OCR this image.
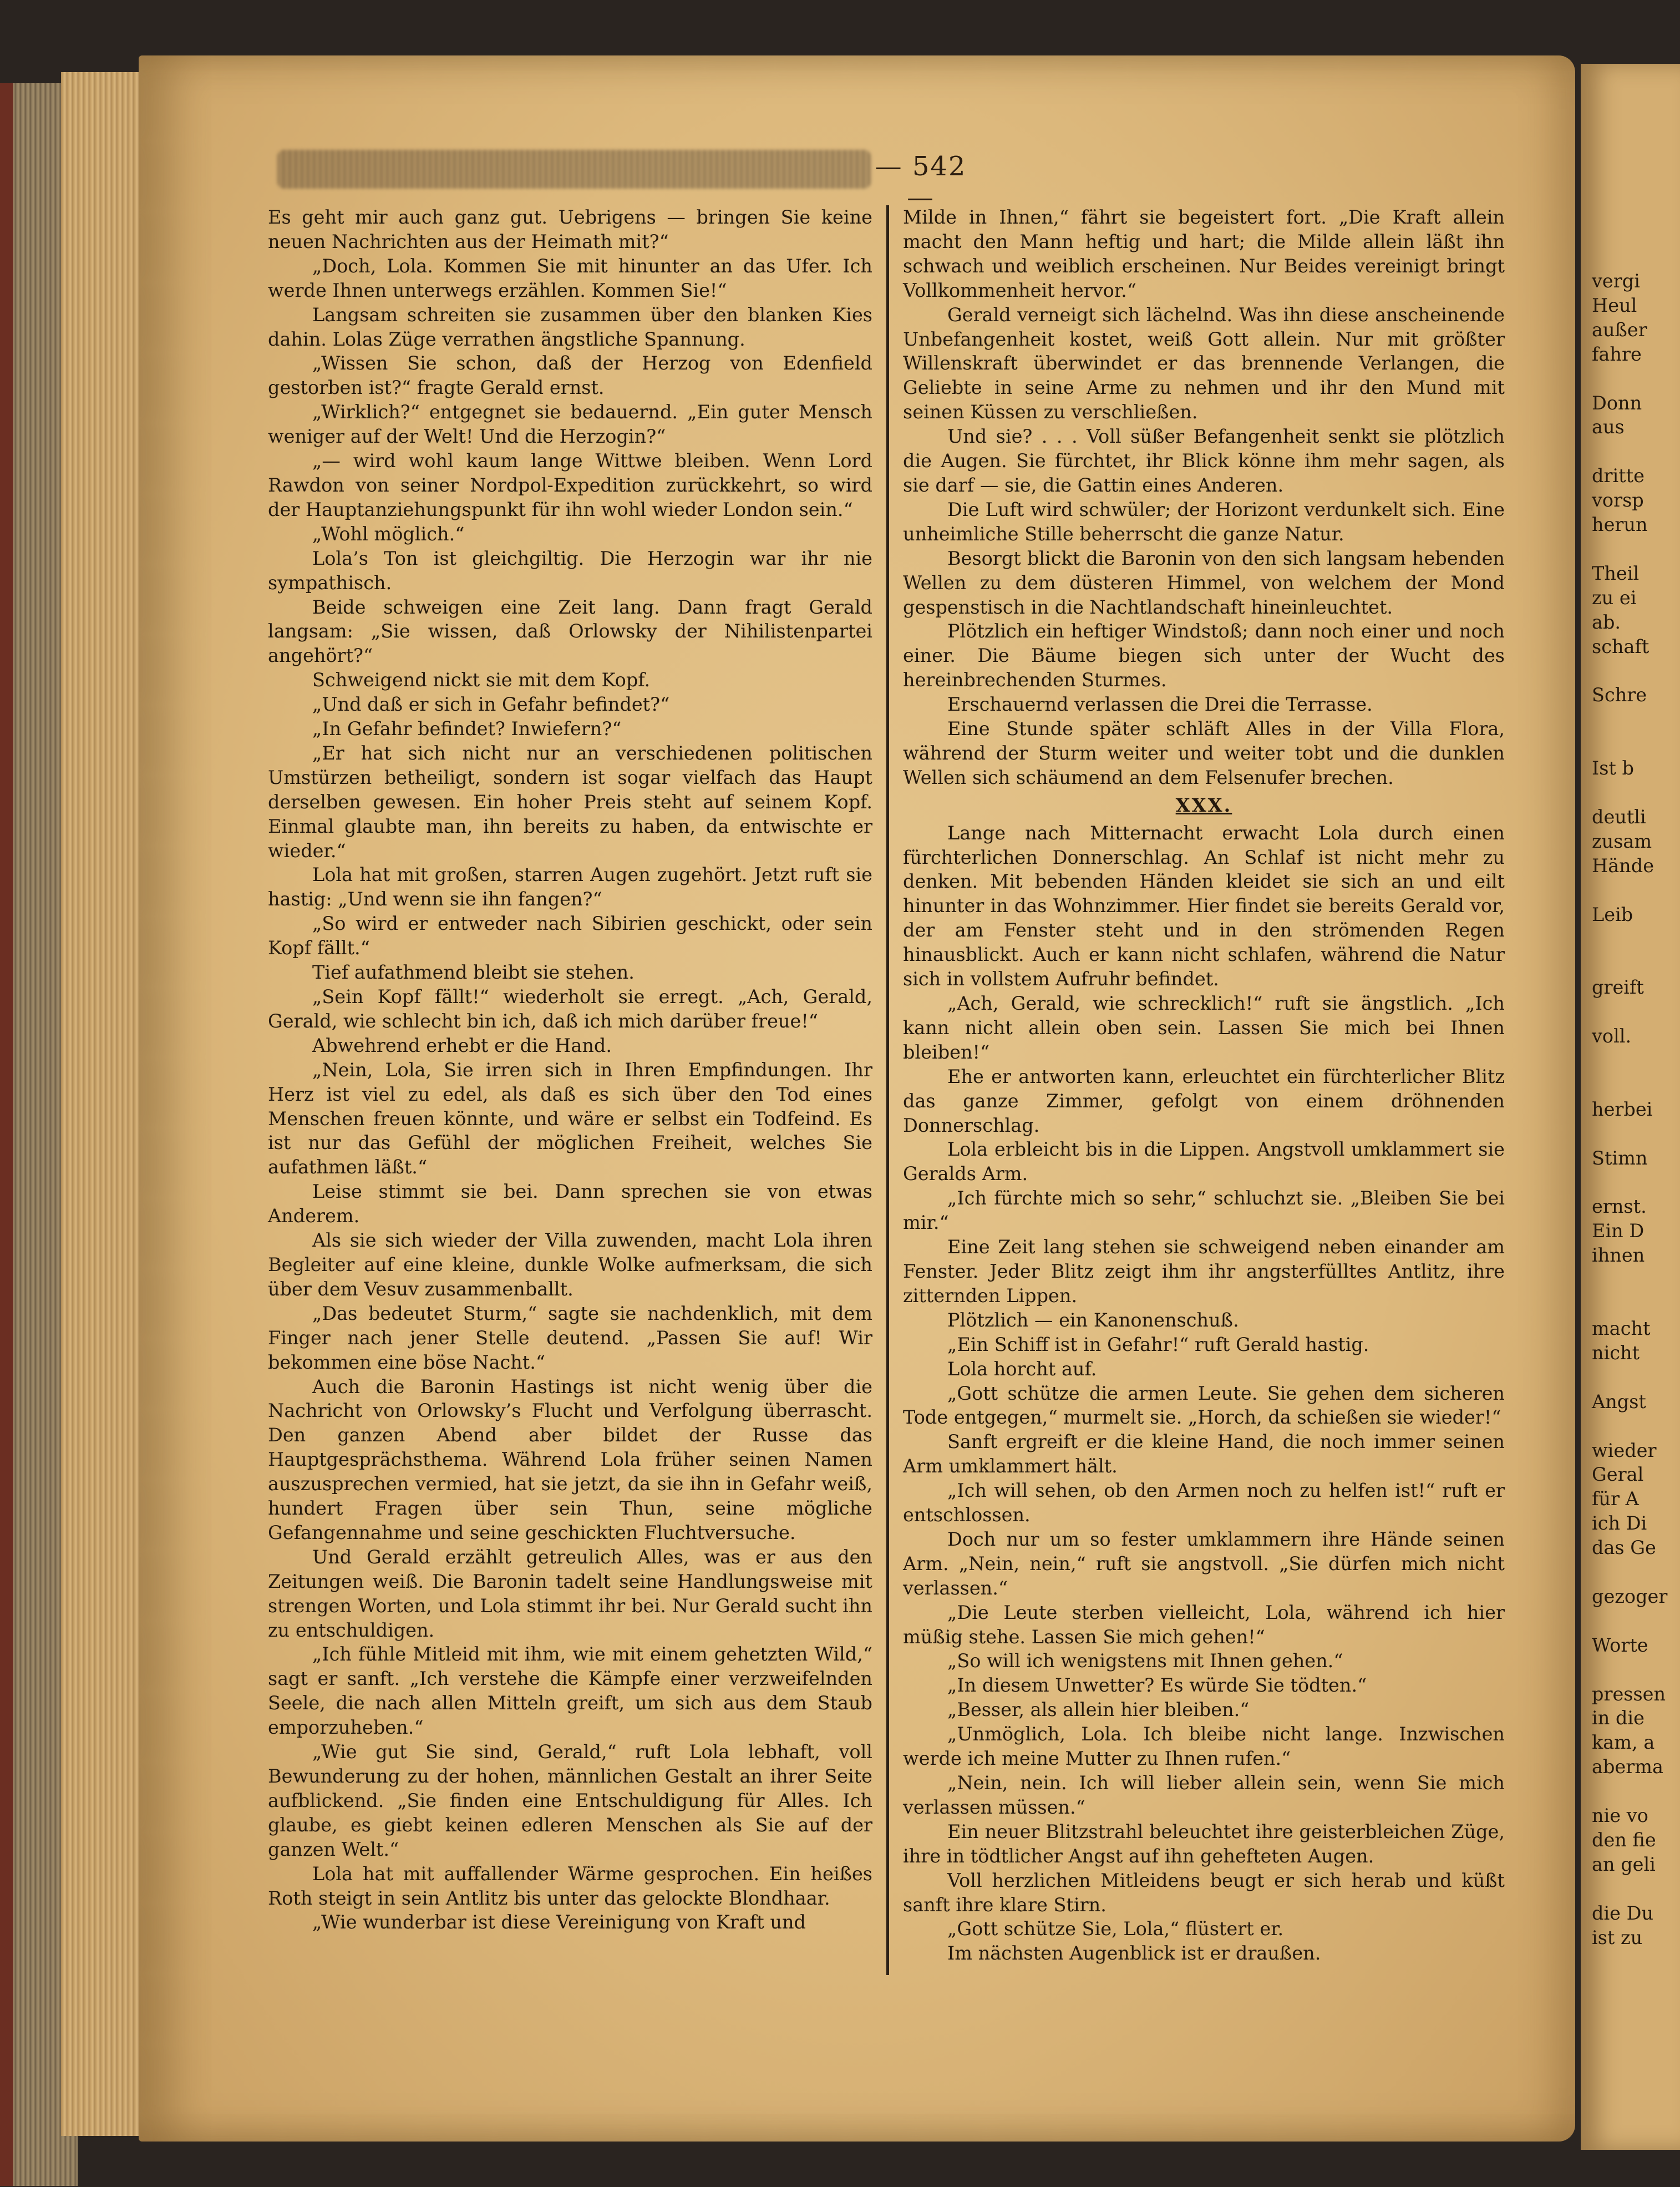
vergi
Heul
außer
fahre

Donn
aus

dritte
vorsp
herun

Theil
zu ei
ab.
schaft

Schre

Ist b

deutli
zusam
Hände

Leib

greift

voll.

herbei

Stimn

ernst.
Ein D
ihnen

macht
nicht

Angst

wieder
Geral
für A
ich Di
das Ge

gezoger

Worte

pressen
in die
kam, a
aberma

nie vo
den fie
an geli

die Du
ist zu
— 542 —

Es geht mir auch ganz gut. Uebrigens — bringen Sie keine neuen Nachrichten aus der Heimath mit?“

„Doch, Lola. Kommen Sie mit hinunter an das Ufer. Ich werde Ihnen unterwegs erzählen. Kommen Sie!“

Langsam schreiten sie zusammen über den blanken Kies dahin. Lolas Züge verrathen ängstliche Spannung.

„Wissen Sie schon, daß der Herzog von Edenfield gestorben ist?“ fragte Gerald ernst.

„Wirklich?“ entgegnet sie bedauernd. „Ein guter Mensch weniger auf der Welt! Und die Herzogin?“

„— wird wohl kaum lange Wittwe bleiben. Wenn Lord Rawdon von seiner Nordpol-Expedition zurückkehrt, so wird der Hauptanziehungspunkt für ihn wohl wieder London sein.“

„Wohl möglich.“

Lola’s Ton ist gleichgiltig. Die Herzogin war ihr nie sympathisch.

Beide schweigen eine Zeit lang. Dann fragt Gerald langsam: „Sie wissen, daß Orlowsky der Nihilistenpartei angehört?“

Schweigend nickt sie mit dem Kopf.

„Und daß er sich in Gefahr befindet?“

„In Gefahr befindet? Inwiefern?“

„Er hat sich nicht nur an verschiedenen politischen Umstürzen betheiligt, sondern ist sogar vielfach das Haupt derselben gewesen. Ein hoher Preis steht auf seinem Kopf. Einmal glaubte man, ihn bereits zu haben, da entwischte er wieder.“

Lola hat mit großen, starren Augen zugehört. Jetzt ruft sie hastig: „Und wenn sie ihn fangen?“

„So wird er entweder nach Sibirien geschickt, oder sein Kopf fällt.“

Tief aufathmend bleibt sie stehen.

„Sein Kopf fällt!“ wiederholt sie erregt. „Ach, Gerald, Gerald, wie schlecht bin ich, daß ich mich darüber freue!“

Abwehrend erhebt er die Hand.

„Nein, Lola, Sie irren sich in Ihren Empfindungen. Ihr Herz ist viel zu edel, als daß es sich über den Tod eines Menschen freuen könnte, und wäre er selbst ein Todfeind. Es ist nur das Gefühl der möglichen Freiheit, welches Sie aufathmen läßt.“

Leise stimmt sie bei. Dann sprechen sie von etwas Anderem.

Als sie sich wieder der Villa zuwenden, macht Lola ihren Begleiter auf eine kleine, dunkle Wolke aufmerksam, die sich über dem Vesuv zusammenballt.

„Das bedeutet Sturm,“ sagte sie nachdenklich, mit dem Finger nach jener Stelle deutend. „Passen Sie auf! Wir bekommen eine böse Nacht.“

Auch die Baronin Hastings ist nicht wenig über die Nachricht von Orlowsky’s Flucht und Verfolgung überrascht. Den ganzen Abend aber bildet der Russe das Hauptgesprächsthema. Während Lola früher seinen Namen auszusprechen vermied, hat sie jetzt, da sie ihn in Gefahr weiß, hundert Fragen über sein Thun, seine mögliche Gefangennahme und seine geschickten Fluchtversuche.

Und Gerald erzählt getreulich Alles, was er aus den Zeitungen weiß. Die Baronin tadelt seine Handlungsweise mit strengen Worten, und Lola stimmt ihr bei. Nur Gerald sucht ihn zu entschuldigen.

„Ich fühle Mitleid mit ihm, wie mit einem gehetzten Wild,“ sagt er sanft. „Ich verstehe die Kämpfe einer verzweifelnden Seele, die nach allen Mitteln greift, um sich aus dem Staub emporzuheben.“

„Wie gut Sie sind, Gerald,“ ruft Lola lebhaft, voll Bewunderung zu der hohen, männlichen Gestalt an ihrer Seite aufblickend. „Sie finden eine Entschuldigung für Alles. Ich glaube, es giebt keinen edleren Menschen als Sie auf der ganzen Welt.“

Lola hat mit auffallender Wärme gesprochen. Ein heißes Roth steigt in sein Antlitz bis unter das gelockte Blondhaar.

„Wie wunderbar ist diese Vereinigung von Kraft und

Milde in Ihnen,“ fährt sie begeistert fort. „Die Kraft allein macht den Mann heftig und hart; die Milde allein läßt ihn schwach und weiblich erscheinen. Nur Beides vereinigt bringt Vollkommenheit hervor.“

Gerald verneigt sich lächelnd. Was ihn diese anscheinende Unbefangenheit kostet, weiß Gott allein. Nur mit größter Willenskraft überwindet er das brennende Verlangen, die Geliebte in seine Arme zu nehmen und ihr den Mund mit seinen Küssen zu verschließen.

Und sie? . . . Voll süßer Befangenheit senkt sie plötzlich die Augen. Sie fürchtet, ihr Blick könne ihm mehr sagen, als sie darf — sie, die Gattin eines Anderen.

Die Luft wird schwüler; der Horizont verdunkelt sich. Eine unheimliche Stille beherrscht die ganze Natur.

Besorgt blickt die Baronin von den sich langsam hebenden Wellen zu dem düsteren Himmel, von welchem der Mond gespenstisch in die Nachtlandschaft hineinleuchtet.

Plötzlich ein heftiger Windstoß; dann noch einer und noch einer. Die Bäume biegen sich unter der Wucht des hereinbrechenden Sturmes.

Erschauernd verlassen die Drei die Terrasse.

Eine Stunde später schläft Alles in der Villa Flora, während der Sturm weiter und weiter tobt und die dunklen Wellen sich schäumend an dem Felsenufer brechen.

XXX.

Lange nach Mitternacht erwacht Lola durch einen fürchterlichen Donnerschlag. An Schlaf ist nicht mehr zu denken. Mit bebenden Händen kleidet sie sich an und eilt hinunter in das Wohnzimmer. Hier findet sie bereits Gerald vor, der am Fenster steht und in den strömenden Regen hinausblickt. Auch er kann nicht schlafen, während die Natur sich in vollstem Aufruhr befindet.

„Ach, Gerald, wie schrecklich!“ ruft sie ängstlich. „Ich kann nicht allein oben sein. Lassen Sie mich bei Ihnen bleiben!“

Ehe er antworten kann, erleuchtet ein fürchterlicher Blitz das ganze Zimmer, gefolgt von einem dröhnenden Donnerschlag.

Lola erbleicht bis in die Lippen. Angstvoll umklammert sie Geralds Arm.

„Ich fürchte mich so sehr,“ schluchzt sie. „Bleiben Sie bei mir.“

Eine Zeit lang stehen sie schweigend neben einander am Fenster. Jeder Blitz zeigt ihm ihr angsterfülltes Antlitz, ihre zitternden Lippen.

Plötzlich — ein Kanonenschuß.

„Ein Schiff ist in Gefahr!“ ruft Gerald hastig.

Lola horcht auf.

„Gott schütze die armen Leute. Sie gehen dem sicheren Tode entgegen,“ murmelt sie. „Horch, da schießen sie wieder!“

Sanft ergreift er die kleine Hand, die noch immer seinen Arm umklammert hält.

„Ich will sehen, ob den Armen noch zu helfen ist!“ ruft er entschlossen.

Doch nur um so fester umklammern ihre Hände seinen Arm. „Nein, nein,“ ruft sie angstvoll. „Sie dürfen mich nicht verlassen.“

„Die Leute sterben vielleicht, Lola, während ich hier müßig stehe. Lassen Sie mich gehen!“

„So will ich wenigstens mit Ihnen gehen.“

„In diesem Unwetter? Es würde Sie tödten.“

„Besser, als allein hier bleiben.“

„Unmöglich, Lola. Ich bleibe nicht lange. Inzwischen werde ich meine Mutter zu Ihnen rufen.“

„Nein, nein. Ich will lieber allein sein, wenn Sie mich verlassen müssen.“

Ein neuer Blitzstrahl beleuchtet ihre geisterbleichen Züge, ihre in tödtlicher Angst auf ihn gehefteten Augen.

Voll herzlichen Mitleidens beugt er sich herab und küßt sanft ihre klare Stirn.

„Gott schütze Sie, Lola,“ flüstert er.

Im nächsten Augenblick ist er draußen.
